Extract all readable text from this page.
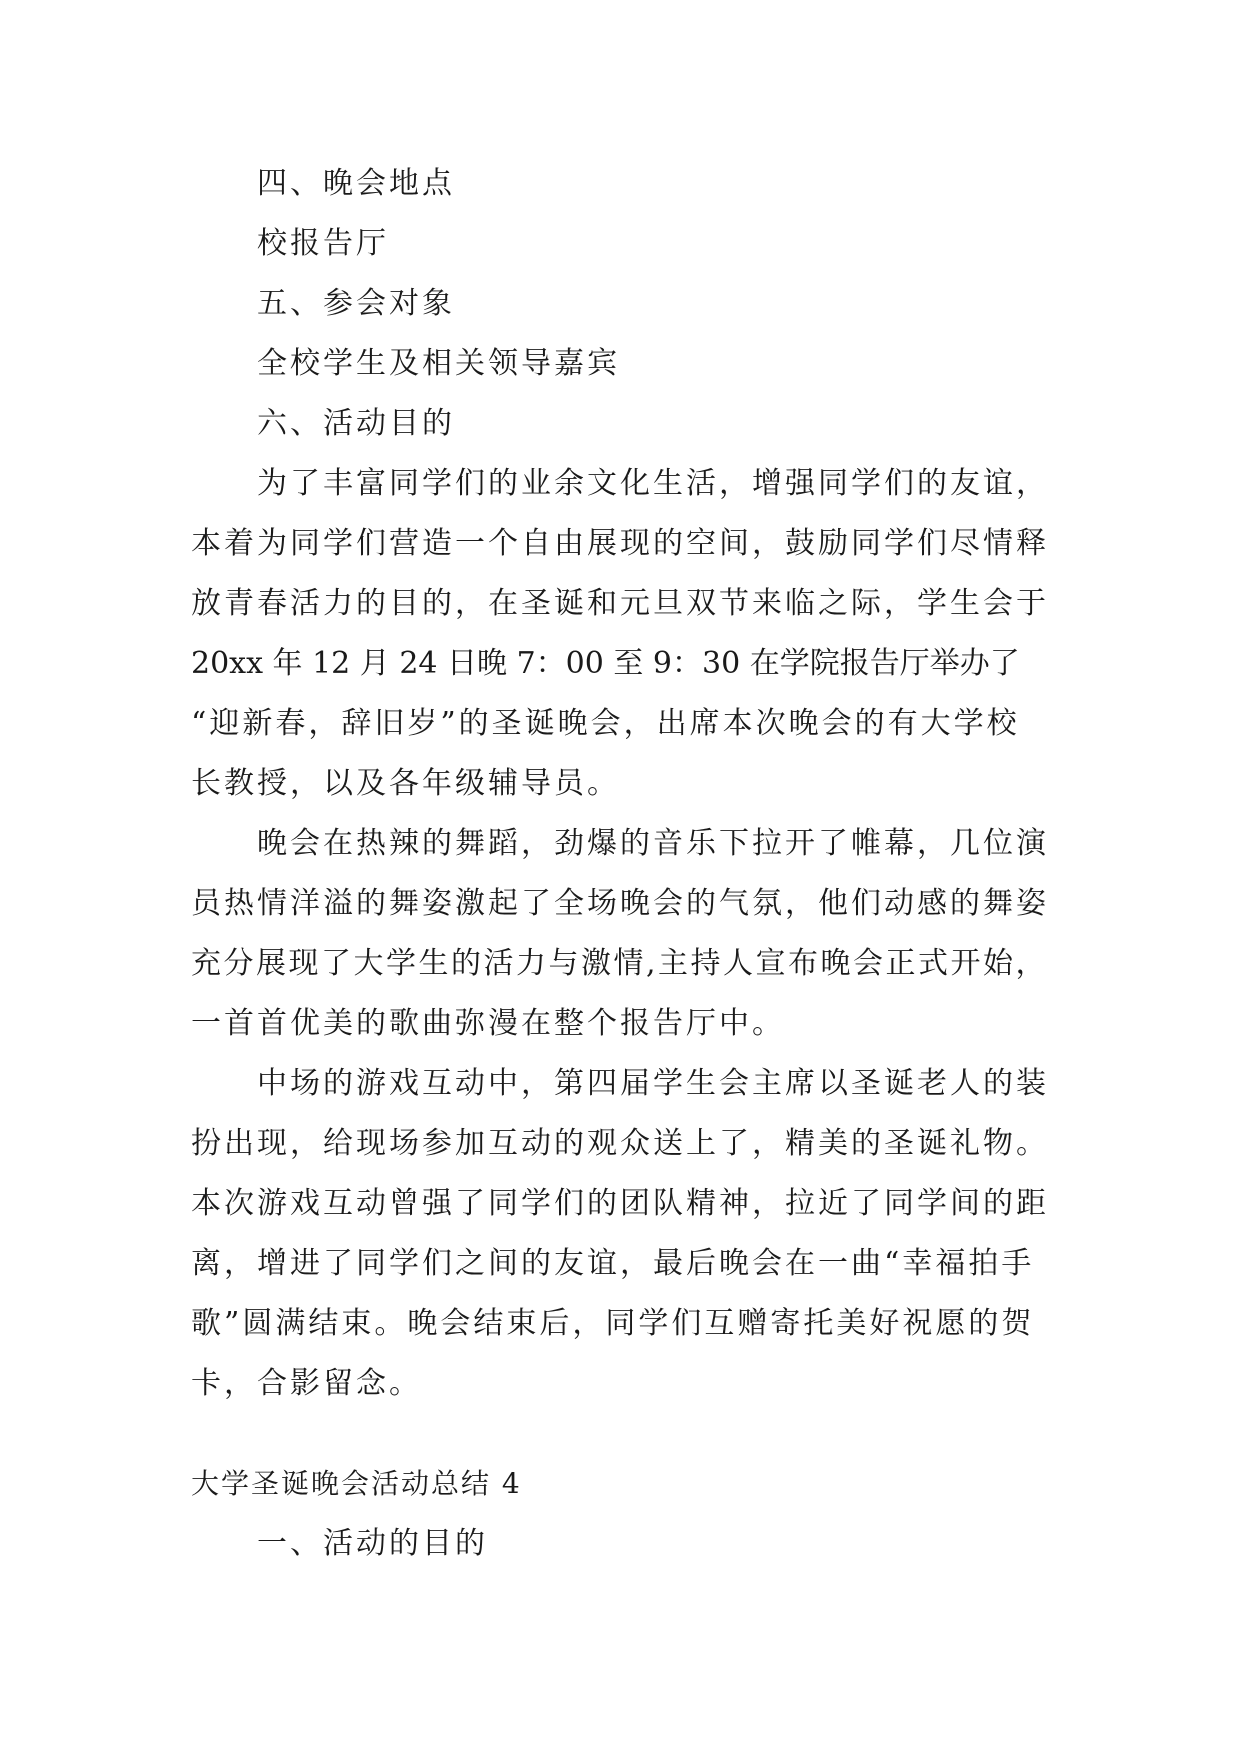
四、晚会地点
校报告厅
五、参会对象
全校学生及相关领导嘉宾
六、活动目的
为了丰富同学们的业余文化生活，增强同学们的友谊，
本着为同学们营造一个自由展现的空间，鼓励同学们尽情释
放青春活力的目的，在圣诞和元旦双节来临之际，学生会于
20xx 年 12 月 24 日晚 7：00 至 9：30 在学院报告厅举办了
“迎新春，辞旧岁”的圣诞晚会，出席本次晚会的有大学校
长教授，以及各年级辅导员。
晚会在热辣的舞蹈，劲爆的音乐下拉开了帷幕，几位演
员热情洋溢的舞姿激起了全场晚会的气氛，他们动感的舞姿
充分展现了大学生的活力与激情,主持人宣布晚会正式开始，
一首首优美的歌曲弥漫在整个报告厅中。
中场的游戏互动中，第四届学生会主席以圣诞老人的装
扮出现，给现场参加互动的观众送上了，精美的圣诞礼物。
本次游戏互动曾强了同学们的团队精神，拉近了同学间的距
离，增进了同学们之间的友谊，最后晚会在一曲“幸福拍手
歌”圆满结束。晚会结束后，同学们互赠寄托美好祝愿的贺
卡，合影留念。
大学圣诞晚会活动总结 4
一、活动的目的
